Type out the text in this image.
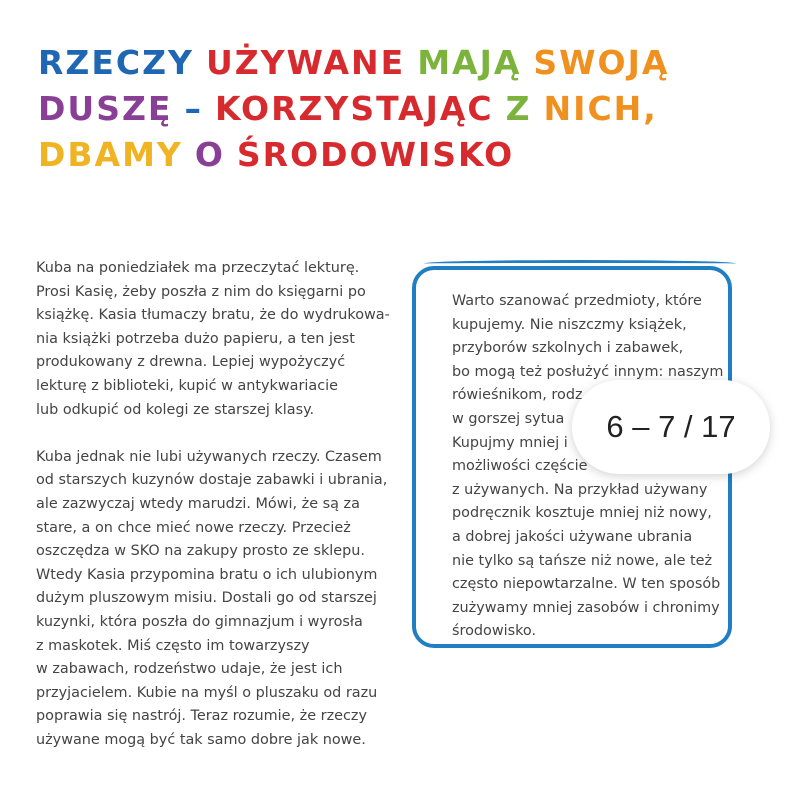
RZECZY UŻYWANE MAJĄ SWOJĄ
DUSZĘ – KORZYSTAJĄC Z NICH,
DBAMY O ŚRODOWISKO

Kuba na poniedziałek ma przeczytać lekturę.
Prosi Kasię, żeby poszła z nim do księgarni po
książkę. Kasia tłumaczy bratu, że do wydrukowa-
nia książki potrzeba dużo papieru, a ten jest
produkowany z drewna. Lepiej wypożyczyć
lekturę z biblioteki, kupić w antykwariacie
lub odkupić od kolegi ze starszej klasy.

Kuba jednak nie lubi używanych rzeczy. Czasem
od starszych kuzynów dostaje zabawki i ubrania,
ale zazwyczaj wtedy marudzi. Mówi, że są za
stare, a on chce mieć nowe rzeczy. Przecież
oszczędza w SKO na zakupy prosto ze sklepu.
Wtedy Kasia przypomina bratu o ich ulubionym
dużym pluszowym misiu. Dostali go od starszej
kuzynki, która poszła do gimnazjum i wyrosła
z maskotek. Miś często im towarzyszy
w zabawach, rodzeństwo udaje, że jest ich
przyjacielem. Kubie na myśl o pluszaku od razu
poprawia się nastrój. Teraz rozumie, że rzeczy
używane mogą być tak samo dobre jak nowe.

Warto szanować przedmioty, które
kupujemy. Nie niszczmy książek,
przyborów szkolnych i zabawek,
bo mogą też posłużyć innym: naszym
rówieśnikom, rodz
w gorszej sytua
Kupujmy mniej i
możliwości częście
z używanych. Na przykład używany
podręcznik kosztuje mniej niż nowy,
a dobrej jakości używane ubrania
nie tylko są tańsze niż nowe, ale też
często niepowtarzalne. W ten sposób
zużywamy mniej zasobów i chronimy
środowisko.
6 – 7 / 17
